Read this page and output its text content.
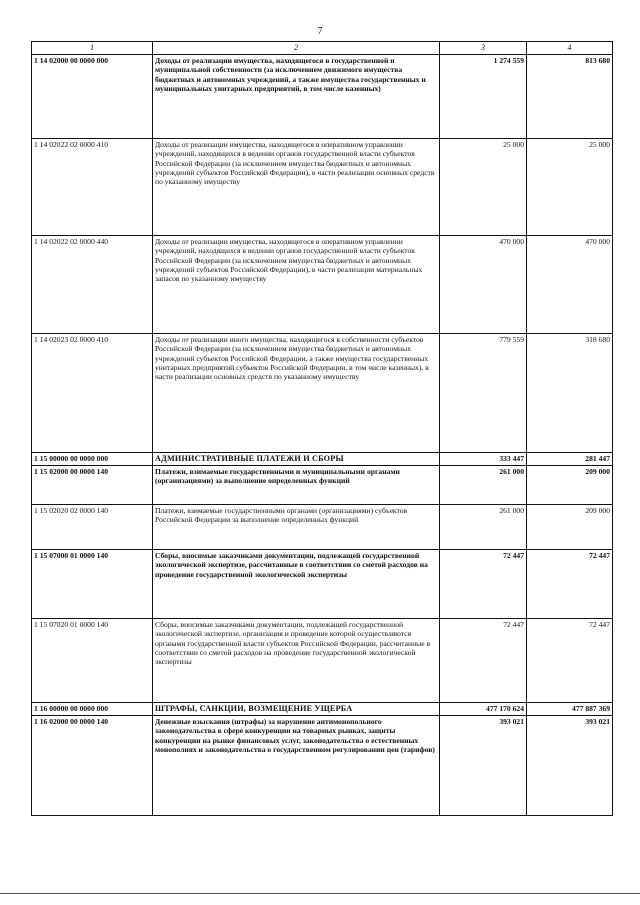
7
1	2	3	4
1 14 02000 00 0000 000	Доходы от реализации имущества, находящегося в государственной и муниципальной собственности (за исключением движимого имущества бюджетных и автономных учреждений, а также имущества государственных и муниципальных унитарных предприятий, в том числе казенных)	1 274 559	813 680
1 14 02022 02 0000 410	Доходы от реализации имущества, находящегося в оперативном управлении учреждений, находящихся в ведении органов государственной власти субъектов Российской Федерации (за исключением имущества бюджетных и автономных учреждений субъектов Российской Федерации), в части реализации основных средств по указанному имуществу	25 000	25 000
1 14 02022 02 0000 440	Доходы от реализации имущества, находящегося в оперативном управлении учреждений, находящихся в ведении органов государственной власти субъектов Российской Федерации (за исключением имущества бюджетных и автономных учреждений субъектов Российской Федерации), в части реализации материальных запасов по указанному имуществу	470 000	470 000
1 14 02023 02 0000 410	Доходы от реализации иного имущества, находящегося в собственности субъектов Российской Федерации (за исключением имущества бюджетных и автономных учреждений субъектов Российской Федерации, а также имущества государственных унитарных предприятий субъектов Российской Федерации, в том числе казенных), в части реализации основных средств по указанному имуществу	779 559	318 680
1 15 00000 00 0000 000	АДМИНИСТРАТИВНЫЕ ПЛАТЕЖИ И СБОРЫ	333 447	281 447
1 15 02000 00 0000 140	Платежи, взимаемые государственными и муниципальными органами (организациями) за выполнение определенных функций	261 000	209 000
1 15 02020 02 0000 140	Платежи, взимаемые государственными органами (организациями) субъектов Российской Федерации за выполнение определенных функций	261 000	209 000
1 15 07000 01 0000 140	Сборы, вносимые заказчиками документации, подлежащей государственной экологической экспертизе, рассчитанные в соответствии со сметой расходов на проведение государственной экологической экспертизы	72 447	72 447
1 15 07020 01 0000 140	Сборы, вносимые заказчиками документации, подлежащей государственной экологической экспертизе, организация и проведение которой осуществляются органами государственной власти субъектов Российской Федерации, рассчитанные в соответствии со сметой расходов на проведение государственной экологической экспертизы	72 447	72 447
1 16 00000 00 0000 000	ШТРАФЫ, САНКЦИИ, ВОЗМЕЩЕНИЕ УЩЕРБА	477 170 624	477 887 369
1 16 02000 00 0000 140	Денежные взыскания (штрафы) за нарушение антимонопольного законодательства в сфере конкуренции на товарных рынках, защиты конкуренции на рынке финансовых услуг, законодательства о естественных монополиях и законодательства о государственном регулировании цен (тарифов)	393 021	393 021
